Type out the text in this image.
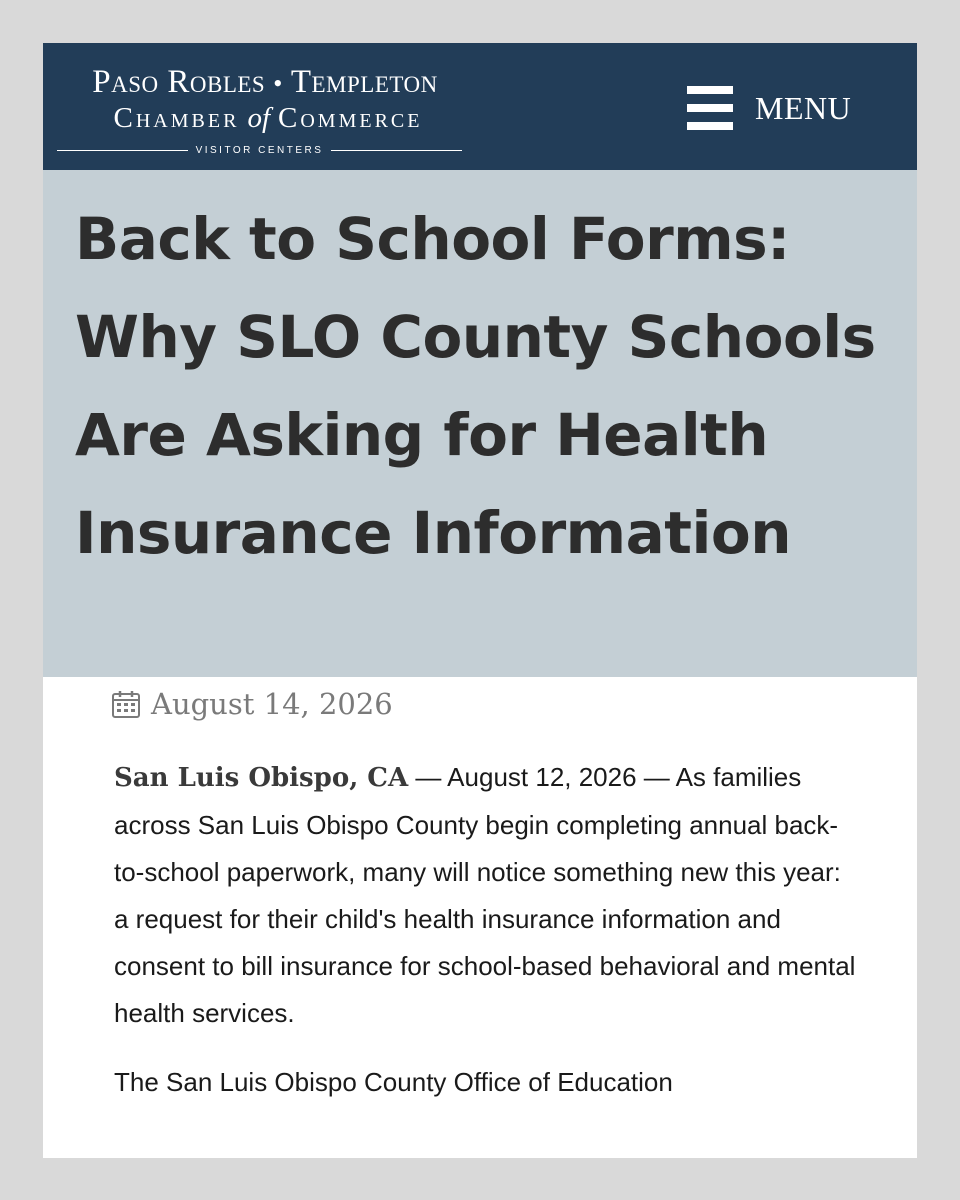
Paso Robles • Templeton
Chamber of Commerce
VISITOR CENTERS
MENU
Back to School Forms: Why SLO County Schools Are Asking for Health Insurance Information
August 14, 2026

San Luis Obispo, CA — August 12, 2026 — As families across San Luis Obispo County begin completing annual back-to-school paperwork, many will notice something new this year: a request for their child's health insurance information and consent to bill insurance for school-based behavioral and mental health services.

The San Luis Obispo County Office of Education
